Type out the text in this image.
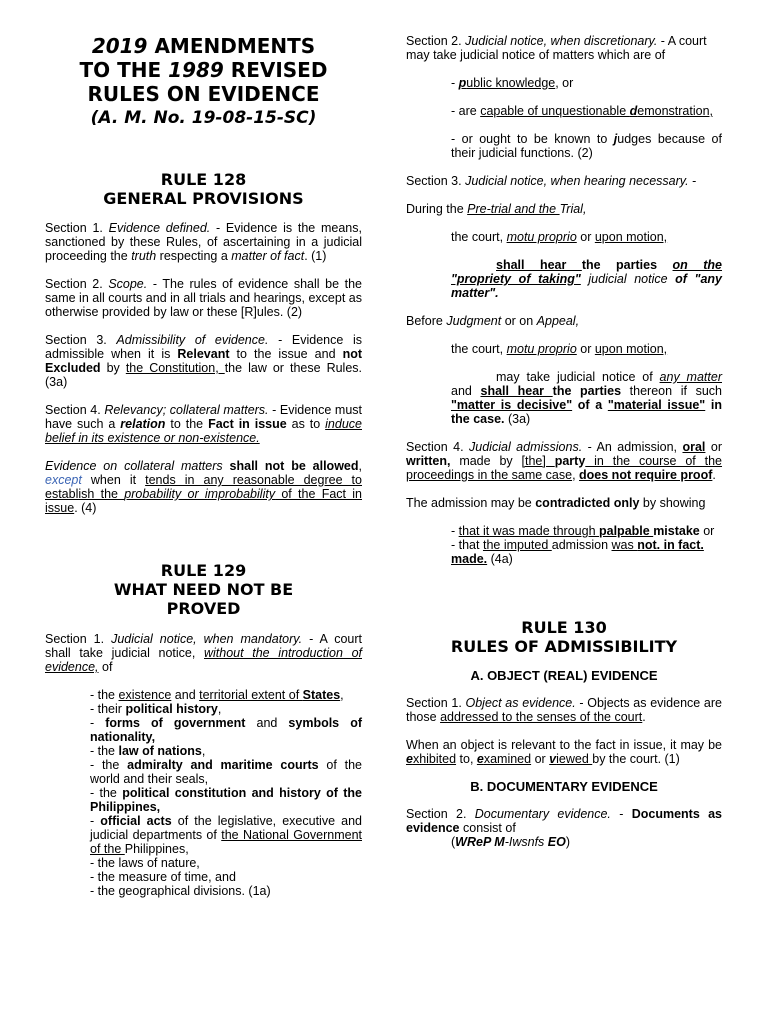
2019 AMENDMENTS
TO THE 1989 REVISED
RULES ON EVIDENCE
(A. M. No. 19-08-15-SC)
RULE 128
GENERAL PROVISIONS

Section 1. Evidence defined. - Evidence is the means, sanctioned by these Rules, of ascertaining in a judicial proceeding the truth respecting a matter of fact. (1)

Section 2. Scope. - The rules of evidence shall be the same in all courts and in all trials and hearings, except as otherwise provided by law or these [R]ules. (2)

Section 3. Admissibility of evidence. - Evidence is admissible when it is Relevant to the issue and not Excluded by the Constitution, the law or these Rules. (3a)

Section 4. Relevancy; collateral matters. - Evidence must have such a relation to the Fact in issue as to induce belief in its existence or non-existence.

Evidence on collateral matters shall not be allowed, except when it tends in any reasonable degree to establish the probability or improbability of the Fact in issue. (4)

RULE 129
WHAT NEED NOT BE
PROVED

Section 1. Judicial notice, when mandatory. - A court shall take judicial notice, without the introduction of evidence, of

- the existence and territorial extent of States,

- their political history,

- forms of government and symbols of nationality,

- the law of nations,

- the admiralty and maritime courts of the world and their seals,

- the political constitution and history of the Philippines,

- official acts of the legislative, executive and judicial departments of the National Government of the Philippines,

- the laws of nature,

- the measure of time, and

- the geographical divisions. (1a)

Section 2. Judicial notice, when discretionary. - A court may take judicial notice of matters which are of

- public knowledge, or

- are capable of unquestionable demonstration,

- or ought to be known to judges because of their judicial functions. (2)

Section 3. Judicial notice, when hearing necessary. -

During the Pre-trial and the Trial,

the court, motu proprio or upon motion,

shall hear the parties on the "propriety of taking" judicial notice of "any matter".

Before Judgment or on Appeal,

the court, motu proprio or upon motion,

may take judicial notice of any matter and shall hear the parties thereon if such "matter is decisive" of a "material issue" in the case. (3a)

Section 4. Judicial admissions. - An admission, oral or written, made by [the] party in the course of the proceedings in the same case, does not require proof.

The admission may be contradicted only by showing

- that it was made through palpable mistake or

- that the imputed admission was not. in fact. made. (4a)

RULE 130
RULES OF ADMISSIBILITY
A. OBJECT (REAL) EVIDENCE

Section 1. Object as evidence. - Objects as evidence are those addressed to the senses of the court.

When an object is relevant to the fact in issue, it may be exhibited to, examined or viewed by the court. (1)

B. DOCUMENTARY EVIDENCE

Section 2. Documentary evidence. - Documents as evidence consist of

(WReP M-Iwsnfs EO)
